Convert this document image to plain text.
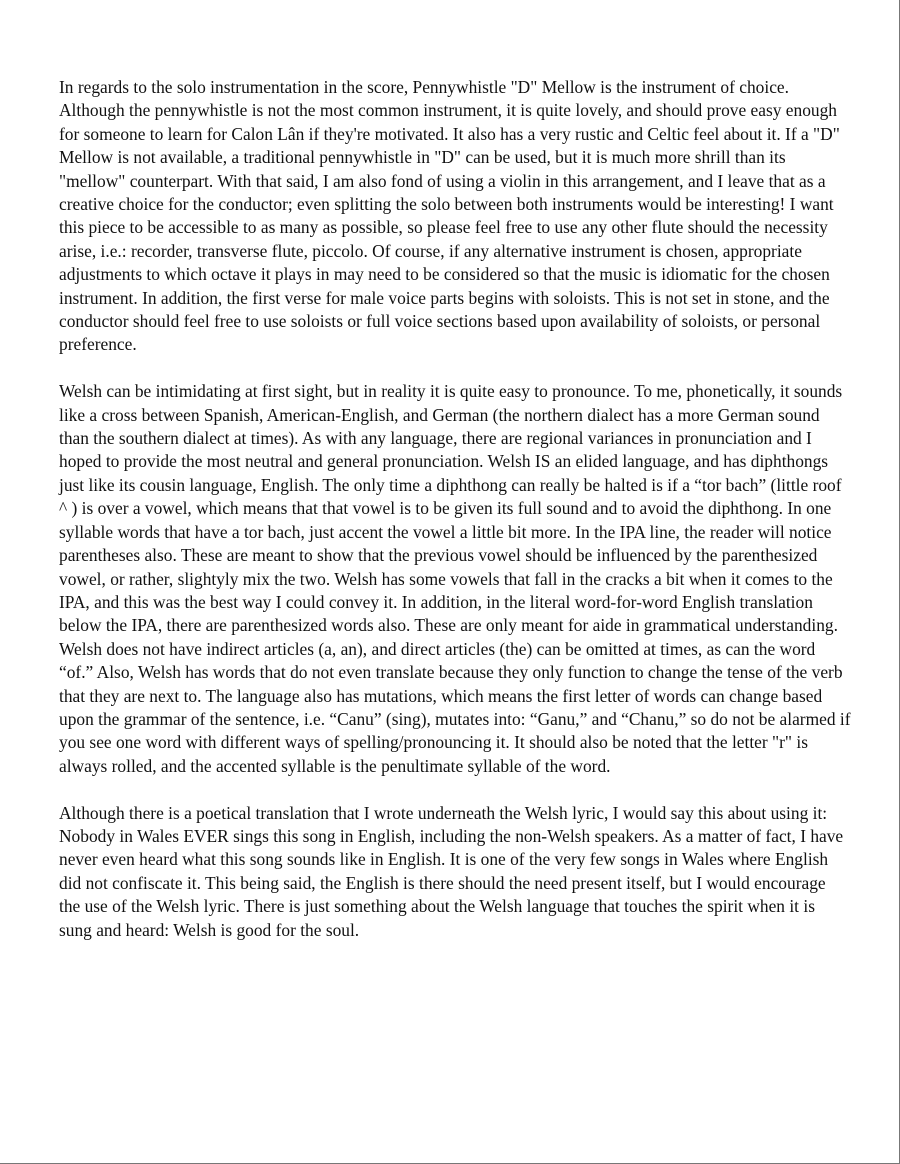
In regards to the solo instrumentation in the score, Pennywhistle "D" Mellow is the instrument of choice. Although the pennywhistle is not the most common instrument, it is quite lovely, and should prove easy enough for someone to learn for Calon Lân if they're motivated. It also has a very rustic and Celtic feel about it. If a "D" Mellow is not available, a traditional pennywhistle in "D" can be used, but it is much more shrill than its "mellow" counterpart. With that said, I am also fond of using a violin in this arrangement, and I leave that as a creative choice for the conductor; even splitting the solo between both instruments would be interesting! I want this piece to be accessible to as many as possible, so please feel free to use any other flute should the necessity arise, i.e.: recorder, transverse flute, piccolo. Of course, if any alternative instrument is chosen, appropriate adjustments to which octave it plays in may need to be considered so that the music is idiomatic for the chosen instrument. In addition, the first verse for male voice parts begins with soloists. This is not set in stone, and the conductor should feel free to use soloists or full voice sections based upon availability of soloists, or personal preference.

Welsh can be intimidating at first sight, but in reality it is quite easy to pronounce. To me, phonetically, it sounds like a cross between Spanish, American-English, and German (the northern dialect has a more German sound than the southern dialect at times). As with any language, there are regional variances in pronunciation and I hoped to provide the most neutral and general pronunciation. Welsh IS an elided language, and has diphthongs just like its cousin language, English. The only time a diphthong can really be halted is if a “tor bach” (little roof ^ ) is over a vowel, which means that that vowel is to be given its full sound and to avoid the diphthong. In one syllable words that have a tor bach, just accent the vowel a little bit more. In the IPA line, the reader will notice parentheses also. These are meant to show that the previous vowel should be influenced by the parenthesized vowel, or rather, slightyly mix the two. Welsh has some vowels that fall in the cracks a bit when it comes to the IPA, and this was the best way I could convey it. In addition, in the literal word-for-word English translation below the IPA, there are parenthesized words also. These are only meant for aide in grammatical understanding. Welsh does not have indirect articles (a, an), and direct articles (the) can be omitted at times, as can the word “of.” Also, Welsh has words that do not even translate because they only function to change the tense of the verb that they are next to. The language also has mutations, which means the first letter of words can change based upon the grammar of the sentence, i.e. “Canu” (sing), mutates into: “Ganu,” and “Chanu,” so do not be alarmed if you see one word with different ways of spelling/pronouncing it. It should also be noted that the letter "r" is always rolled, and the accented syllable is the penultimate syllable of the word.

Although there is a poetical translation that I wrote underneath the Welsh lyric, I would say this about using it: Nobody in Wales EVER sings this song in English, including the non-Welsh speakers. As a matter of fact, I have never even heard what this song sounds like in English. It is one of the very few songs in Wales where English did not confiscate it. This being said, the English is there should the need present itself, but I would encourage the use of the Welsh lyric. There is just something about the Welsh language that touches the spirit when it is sung and heard: Welsh is good for the soul.
